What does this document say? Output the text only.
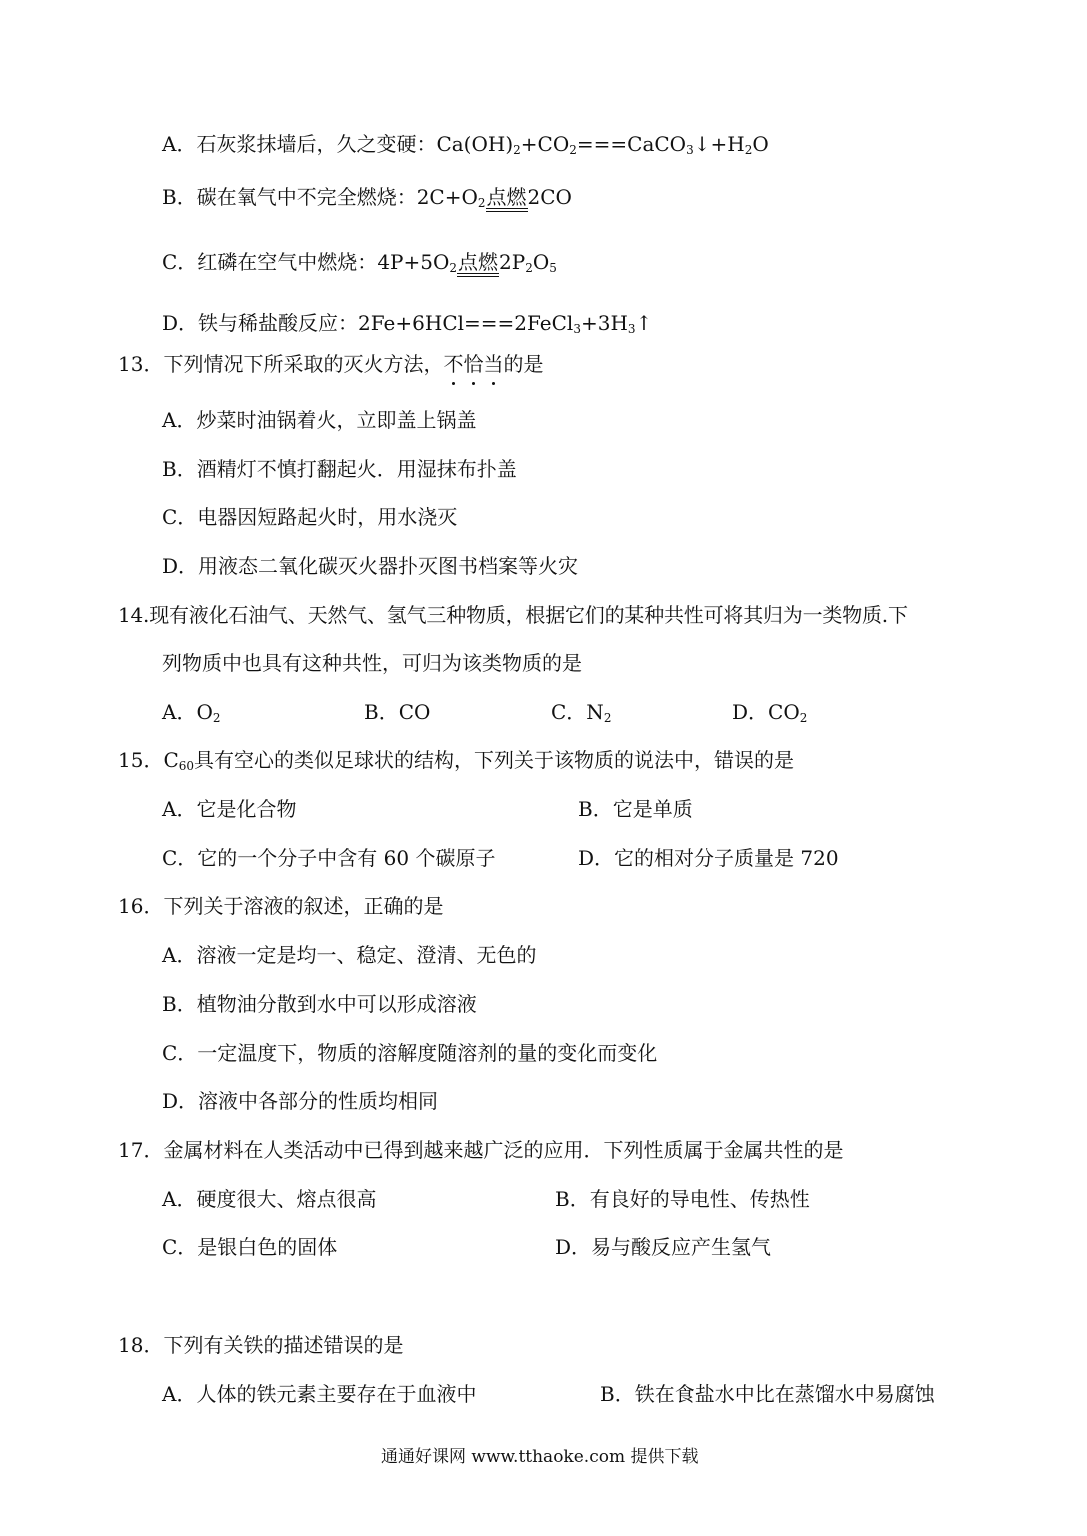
A．石灰浆抹墙后，久之变硬：$Ca(OH)_2+CO_2===CaCO_3↓+H_2O$
B．碳在氧气中不完全燃烧：$2C+O_2$点燃2CO
C．红磷在空气中燃烧：$4P+5O_2$点燃$2P_2O_5$
D．铁与稀盐酸反应：$2Fe+6HCl===2FeCl_3+3H_3↑$
13．下列情况下所采取的灭火方法，不恰当的是
A．炒菜时油锅着火，立即盖上锅盖
B．酒精灯不慎打翻起火．用湿抹布扑盖
C．电器因短路起火时，用水浇灭
D．用液态二氧化碳灭火器扑灭图书档案等火灾
14.现有液化石油气、天然气、氢气三种物质，根据它们的某种共性可将其归为一类物质.下
列物质中也具有这种共性，可归为该类物质的是
A．$O_2$	B．CO	C．$N_2$	D．$CO_2$
15．$C_{60}$具有空心的类似足球状的结构，下列关于该物质的说法中，错误的是
A．它是化合物	B．它是单质
C．它的一个分子中含有 60 个碳原子	D．它的相对分子质量是 720
16．下列关于溶液的叙述，正确的是
A．溶液一定是均一、稳定、澄清、无色的
B．植物油分散到水中可以形成溶液
C．一定温度下，物质的溶解度随溶剂的量的变化而变化
D．溶液中各部分的性质均相同
17．金属材料在人类活动中已得到越来越广泛的应用．下列性质属于金属共性的是
A．硬度很大、熔点很高	B．有良好的导电性、传热性
C．是银白色的固体	D．易与酸反应产生氢气
18．下列有关铁的描述错误的是
A．人体的铁元素主要存在于血液中	B．铁在食盐水中比在蒸馏水中易腐蚀
通通好课网 www.tthaoke.com 提供下载
